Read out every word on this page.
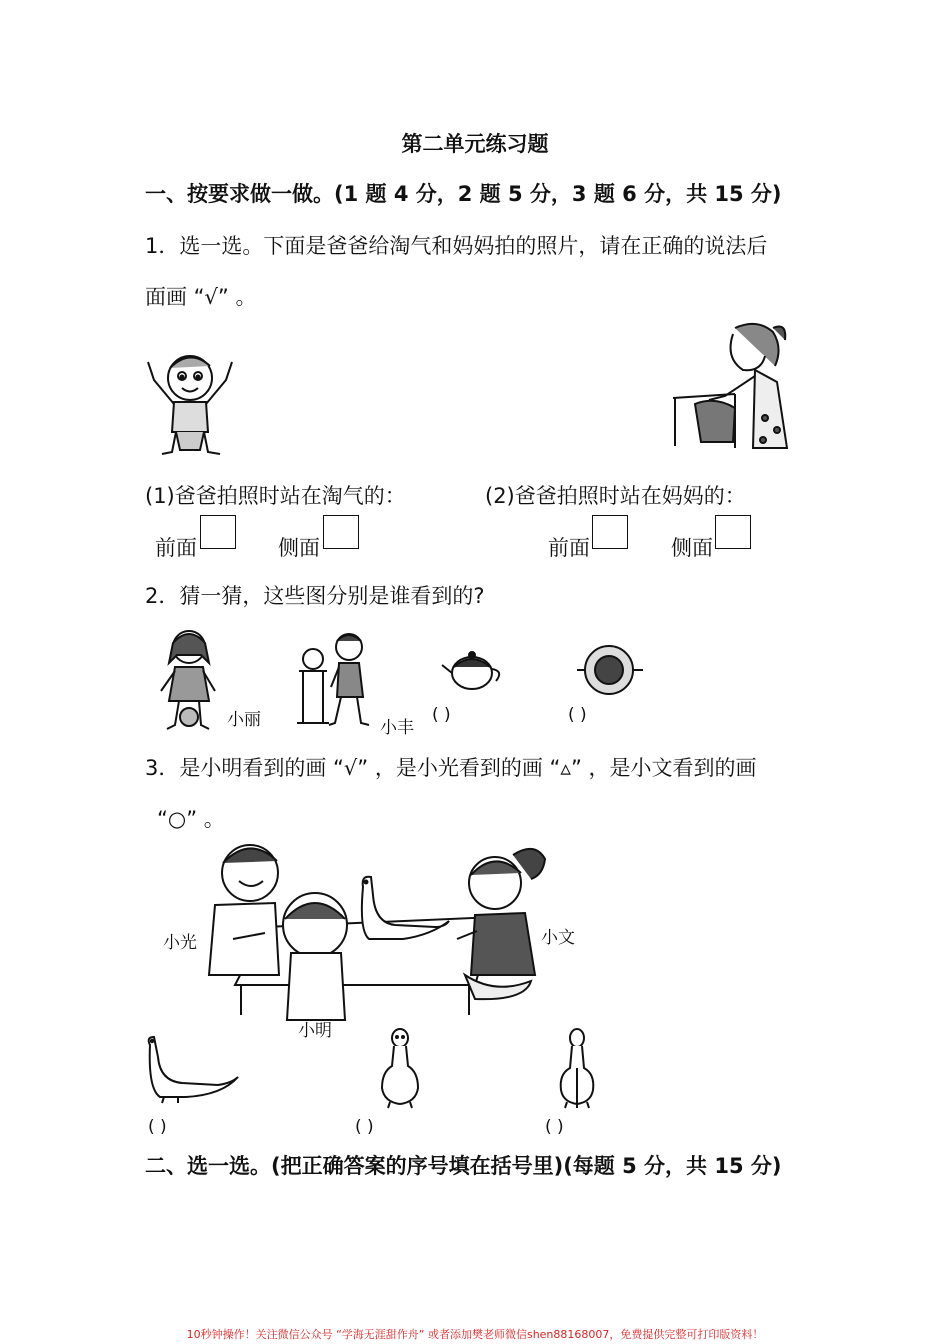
第二单元练习题
一、按要求做一做。(1 题 4 分，2 题 5 分，3 题 6 分，共 15 分)
1．选一选。下面是爸爸给淘气和妈妈拍的照片，请在正确的说法后
面画 “√” 。
(1)爸爸拍照时站在淘气的：	(2)爸爸拍照时站在妈妈的：
前面	侧面	前面	侧面
2．猜一猜，这些图分别是谁看到的?
小丽	小丰
( )	( )
3．是小明看到的画 “√” ，是小光看到的画 “▵” ，是小文看到的画
“○” 。
小光	小文
小明
( )	( )	( )
二、选一选。(把正确答案的序号填在括号里)(每题 5 分，共 15 分)
10秒钟操作！关注微信公众号 “学海无涯甜作舟” 或者添加樊老师微信shen88168007，免费提供完整可打印版资料！
